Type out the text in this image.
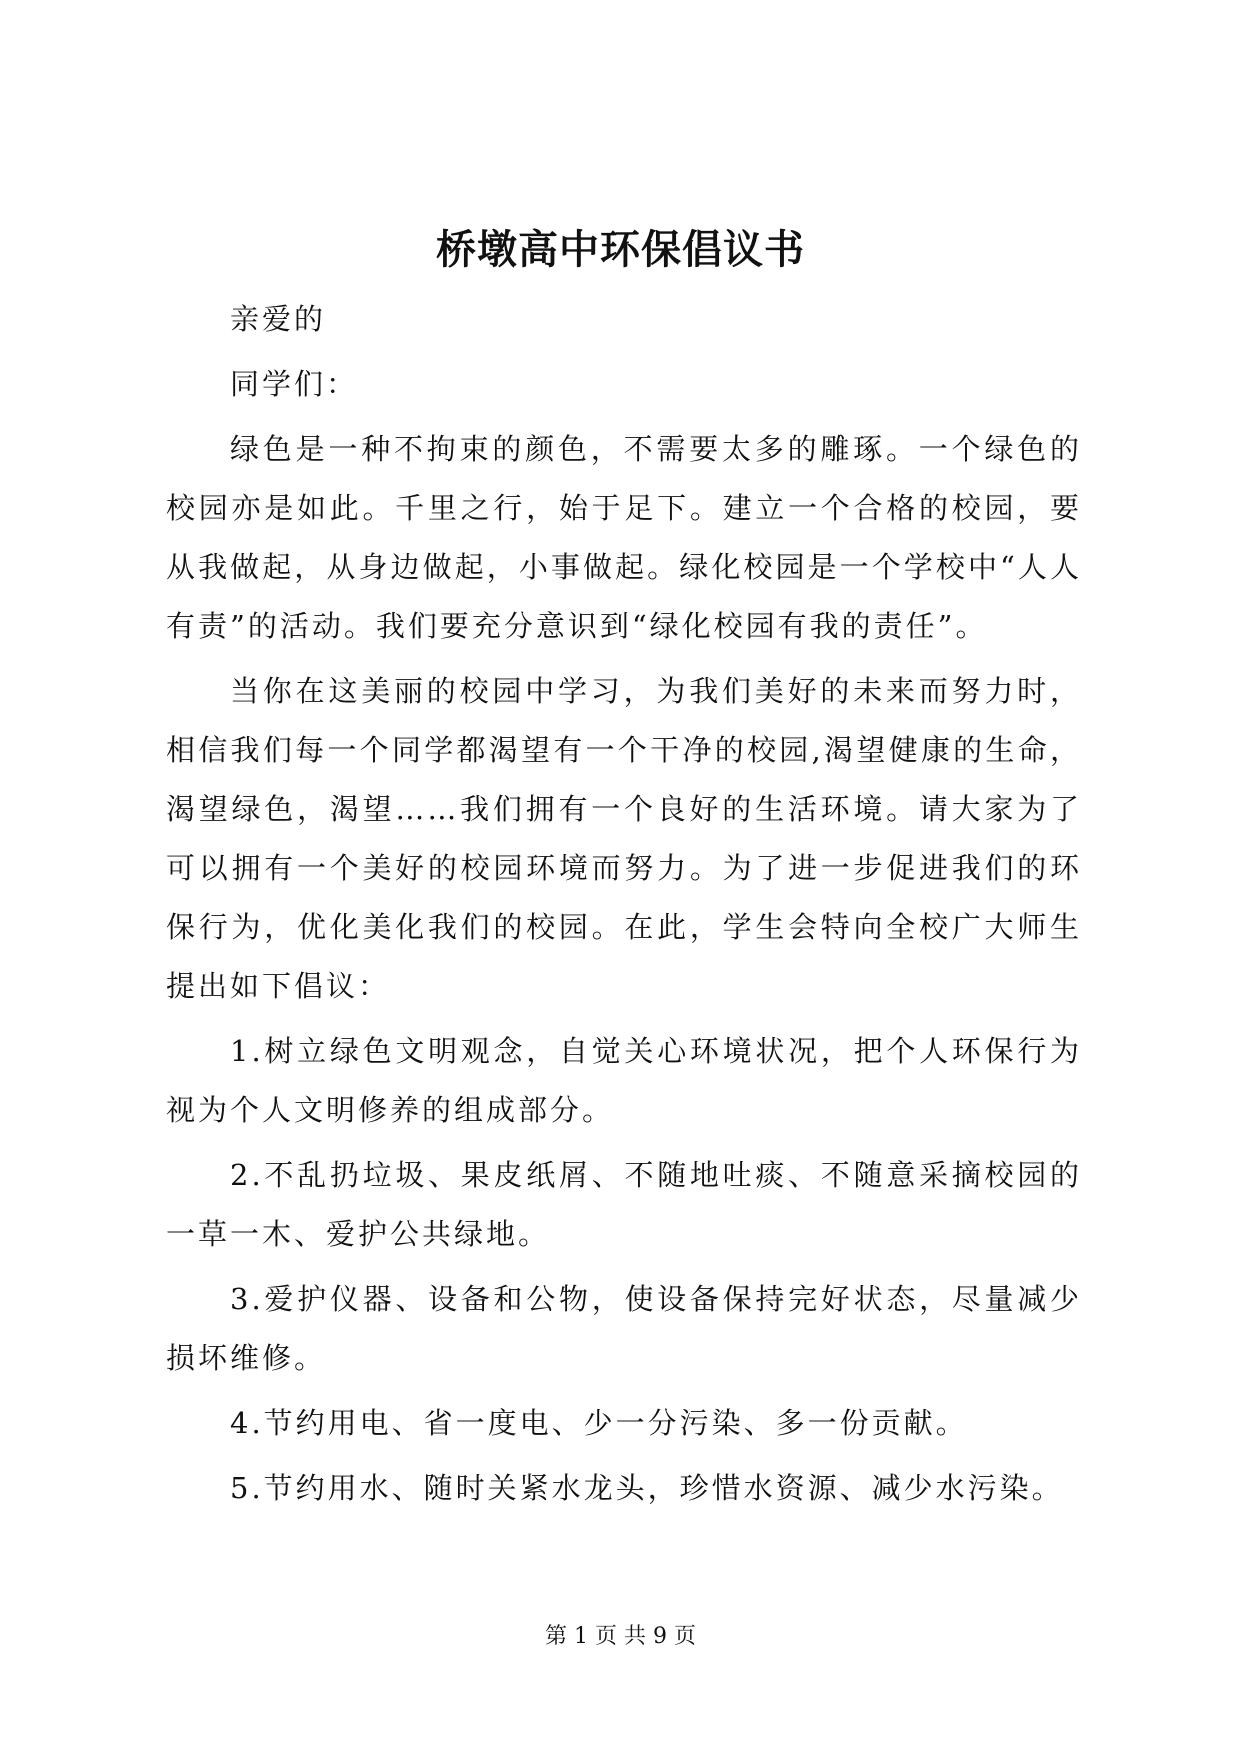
桥墩高中环保倡议书

亲爱的

同学们：

绿色是一种不拘束的颜色，不需要太多的雕琢。一个绿色的校园亦是如此。千里之行，始于足下。建立一个合格的校园，要从我做起，从身边做起，小事做起。绿化校园是一个学校中“人人有责”的活动。我们要充分意识到“绿化校园有我的责任”。

当你在这美丽的校园中学习，为我们美好的未来而努力时，相信我们每一个同学都渴望有一个干净的校园,渴望健康的生命，渴望绿色，渴望……我们拥有一个良好的生活环境。请大家为了可以拥有一个美好的校园环境而努力。为了进一步促进我们的环保行为，优化美化我们的校园。在此，学生会特向全校广大师生提出如下倡议：

1.树立绿色文明观念，自觉关心环境状况，把个人环保行为视为个人文明修养的组成部分。

2.不乱扔垃圾、果皮纸屑、不随地吐痰、不随意采摘校园的一草一木、爱护公共绿地。

3.爱护仪器、设备和公物，使设备保持完好状态，尽量减少损坏维修。

4.节约用电、省一度电、少一分污染、多一份贡献。

5.节约用水、随时关紧水龙头，珍惜水资源、减少水污染。

第 1 页 共 9 页
